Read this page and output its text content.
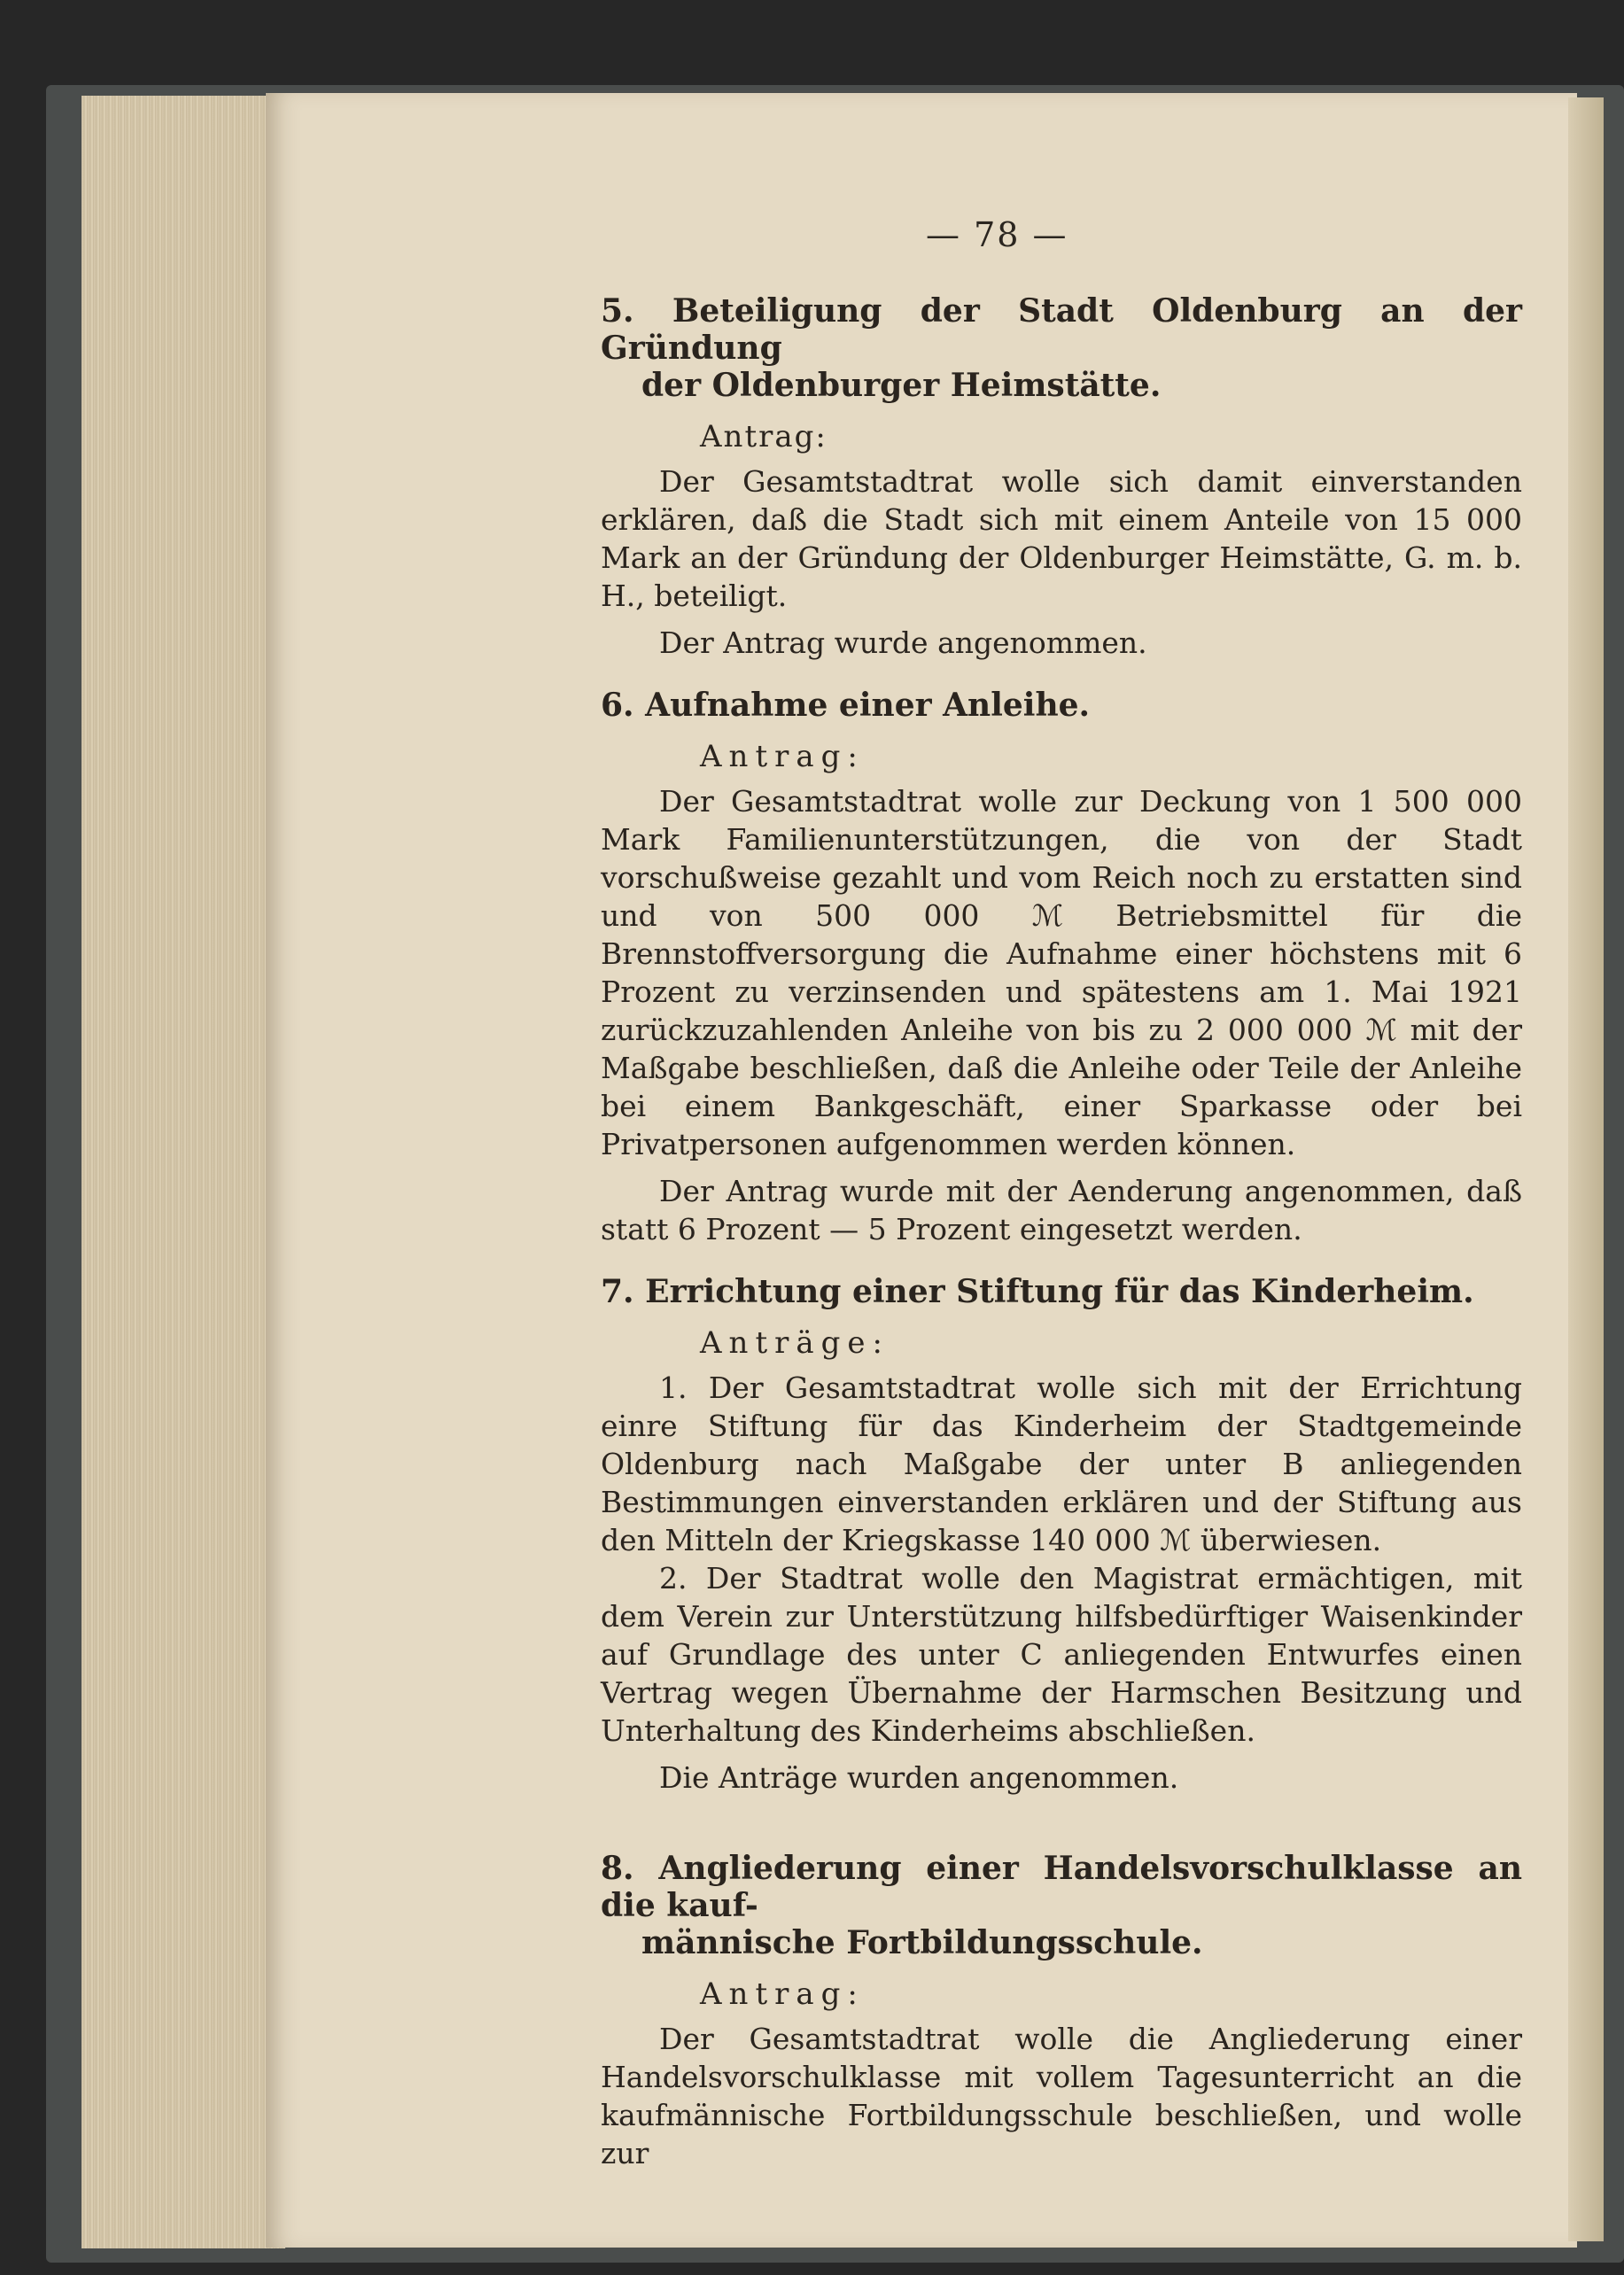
— 78 —

5. Beteiligung der Stadt Oldenburg an der Gründung

der Oldenburger Heimstätte.

Antrag:

Der Gesamtstadtrat wolle sich damit einverstanden erklären, daß die Stadt sich mit einem Anteile von 15 000 Mark an der Gründung der Oldenburger Heimstätte, G. m. b. H., beteiligt.

Der Antrag wurde angenommen.

6. Aufnahme einer Anleihe.

Antrag:

Der Gesamtstadtrat wolle zur Deckung von 1 500 000 Mark Familienunterstützungen, die von der Stadt vorschußweise gezahlt und vom Reich noch zu erstatten sind und von 500 000 ℳ Betriebsmittel für die Brennstoffversorgung die Aufnahme einer höchstens mit 6 Prozent zu verzinsenden und spätestens am 1. Mai 1921 zurückzuzahlenden Anleihe von bis zu 2 000 000 ℳ mit der Maßgabe beschließen, daß die Anleihe oder Teile der Anleihe bei einem Bankgeschäft, einer Sparkasse oder bei Privatpersonen aufgenommen werden können.

Der Antrag wurde mit der Aenderung angenommen, daß statt 6 Prozent — 5 Prozent eingesetzt werden.

7. Errichtung einer Stiftung für das Kinderheim.

Anträge:

1. Der Gesamtstadtrat wolle sich mit der Errichtung einre Stiftung für das Kinderheim der Stadtgemeinde Oldenburg nach Maßgabe der unter B anliegenden Bestimmungen einverstanden erklären und der Stiftung aus den Mitteln der Kriegskasse 140 000 ℳ überwiesen.

2. Der Stadtrat wolle den Magistrat ermächtigen, mit dem Verein zur Unterstützung hilfsbedürftiger Waisenkinder auf Grundlage des unter C anliegenden Entwurfes einen Vertrag wegen Übernahme der Harmschen Besitzung und Unterhaltung des Kinderheims abschließen.

Die Anträge wurden angenommen.

8. Angliederung einer Handelsvorschulklasse an die kauf-

männische Fortbildungsschule.

Antrag:

Der Gesamtstadtrat wolle die Angliederung einer Handelsvorschulklasse mit vollem Tagesunterricht an die kaufmännische Fortbildungsschule beschließen, und wolle zur
